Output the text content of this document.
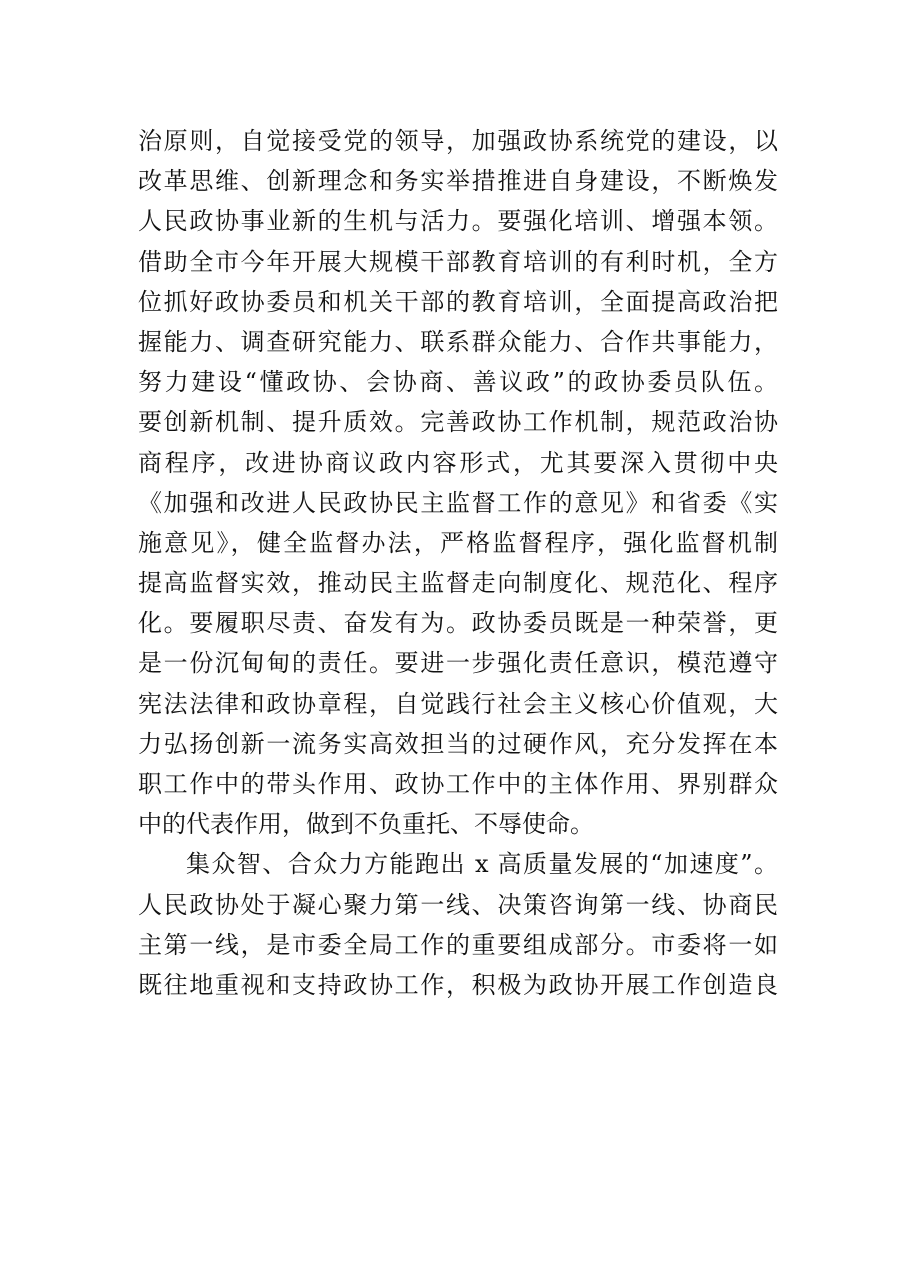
治原则，自觉接受党的领导，加强政协系统党的建设，以
改革思维、创新理念和务实举措推进自身建设，不断焕发
人民政协事业新的生机与活力。要强化培训、增强本领。
借助全市今年开展大规模干部教育培训的有利时机，全方
位抓好政协委员和机关干部的教育培训，全面提高政治把
握能力、调查研究能力、联系群众能力、合作共事能力，
努力建设“懂政协、会协商、善议政”的政协委员队伍。
要创新机制、提升质效。完善政协工作机制，规范政治协
商程序，改进协商议政内容形式，尤其要深入贯彻中央
《加强和改进人民政协民主监督工作的意见》和省委《实
施意见》，健全监督办法，严格监督程序，强化监督机制
提高监督实效，推动民主监督走向制度化、规范化、程序
化。要履职尽责、奋发有为。政协委员既是一种荣誉，更
是一份沉甸甸的责任。要进一步强化责任意识，模范遵守
宪法法律和政协章程，自觉践行社会主义核心价值观，大
力弘扬创新一流务实高效担当的过硬作风，充分发挥在本
职工作中的带头作用、政协工作中的主体作用、界别群众
中的代表作用，做到不负重托、不辱使命。
集众智、合众力方能跑出 x 高质量发展的“加速度”。
人民政协处于凝心聚力第一线、决策咨询第一线、协商民
主第一线，是市委全局工作的重要组成部分。市委将一如
既往地重视和支持政协工作，积极为政协开展工作创造良
